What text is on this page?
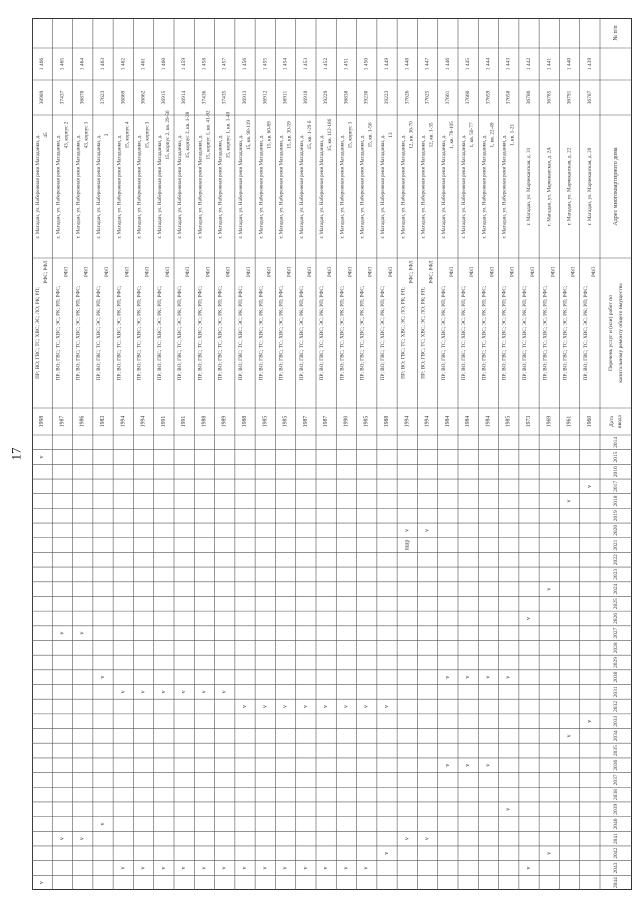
17
№ п/п
Адрес многоквартирного дома
Перечень услуг и (или) работ по капитальному ремонту общего имущества
Дата ввода
2014
2015
2016
2017
2018
2019
2020
2021
2022
2023
2024
2025
2026
2027
2028
2029
2030
2031
2032
2033
2034
2035
2036
2037
2038
2039
2040
2041
2042
2043
2044
1 439
36787
г. Магадан, ул. Марчеканская, д. 20
ПР; ВО; ГВС; ТС; ХВС; ЭС; РК; РП; РФС;
РФЛ
1960
v
v
1 440
36791
г. Магадан, ул. Марчеканская, д. 22
ПР; ВО; ГВС; ТС; ХВС; ЭС; РК; РП; РФС;
РФЛ
1961
v
v
1 441
36785
г. Магадан, ул. Марчеканская, д. 2А
ПР; ВО; ГВС; ТС; ХВС; ЭС; РК; РП; РФС;
РФЛ
1969
v
v
1 442
36786
г. Магадан, ул. Марчеканская, д. 31
ПР; ВО; ГВС; ТС; ХВС; ЭС; РК; РП; РФС;
РФЛ
1973
v
v
1 443
37658
г. Магадан, ул. Набережная реки Магаданки, д. 1, кв. 1-21
ПР; ВО; ГВС; ТС; ХВС; ЭС; РК; РП; РФС;
РФЛ
1985
v
v
1 444
37659
г. Магадан, ул. Набережная реки Магаданки, д. 1, кв. 22-49
ПР; ВО; ГВС; ТС; ХВС; ЭС; РК; РП; РФС;
РФЛ
1984
v
v
1 445
37660
г. Магадан, ул. Набережная реки Магаданки, д. 1, кв. 50-77
ПР; ВО; ГВС; ТС; ХВС; ЭС; РК; РП; РФС;
РФЛ
1984
v
v
1 446
37661
г. Магадан, ул. Набережная реки Магаданки, д. 1, кв. 78-105
ПР; ВО; ГВС; ТС; ХВС; ЭС; РК; РП; РФС;
РФЛ
1984
v
v
1 447
37625
г. Магадан, ул. Набережная реки Магаданки, д. 12, кв. 1-35
ПР; ВО; ГВС; ТС; ХВС; ЭС; ЛО; РК; РП;
РФС; РФЛ
1994
v
v
1 448
37626
г. Магадан, ул. Набережная реки Магаданки, д. 12, кв. 36-70
ПР; ВО; ГВС; ТС; ХВС; ЭС; ЛО; РК; РП;
РФС; РФЛ
1994
v
v
1 449
39223
г. Магадан, ул. Набережная реки Магаданки, д. 13
ПР; ВО; ГВС; ТС; ХВС; ЭС; РК; РП; РФС;
РФЛ
1988
v
v
1 450
39230
г. Магадан, ул. Набережная реки Магаданки, д. 15, кв. 1-56
ПР; ВО; ГВС; ТС; ХВС; ЭС; РК; РП; РФС;
РФЛ
1985
v
v
1 451
36838
г. Магадан, ул. Набережная реки Магаданки, д. 15, корпус 1
ПР; ВО; ГВС; ТС; ХВС; ЭС; РК; РП; РФС;
РФЛ
1990
v
v
1 452
39229
г. Магадан, ул. Набережная реки Магаданки, д. 15, кв. 112-186
ПР; ВО; ГВС; ТС; ХВС; ЭС; РК; РП; РФС;
РФЛ
1987
v
v
1 453
36910
г. Магадан, ул. Набережная реки Магаданки, д. 15, кв. 1-29 б
ПР; ВО; ГВС; ТС; ХВС; ЭС; РК; РП; РФС;
РФЛ
1987
v
v
1 454
36911
г. Магадан, ул. Набережная реки Магаданки, д. 15, кв. 30-59
ПР; ВО; ГВС; ТС; ХВС; ЭС; РК; РП; РФС;
РФЛ
1985
v
v
1 455
36912
г. Магадан, ул. Набережная реки Магаданки, д. 15, кв. 60-89
ПР; ВО; ГВС; ТС; ХВС; ЭС; РК; РП; РФС;
РФЛ
1985
v
v
1 456
36913
г. Магадан, ул. Набережная реки Магаданки, д. 15, кв. 90-119
ПР; ВО; ГВС; ТС; ХВС; ЭС; РК; РП; РФС;
РФЛ
1988
v
v
1 457
37435
г. Магадан, ул. Набережная реки Магаданки, д. 15, корпус 1, кв. 1-40
ПР; ВО; ГВС; ТС; ХВС; ЭС; РК; РП; РФС;
РФЛ
1989
v
v
1 458
37436
г. Магадан, ул. Набережная реки Магаданки, д. 15, корпус 1, кв. 41-92
ПР; ВО; ГВС; ТС; ХВС; ЭС; РК; РП; РФС;
РФЛ
1988
v
v
1 459
36914
г. Магадан, ул. Набережная реки Магаданки, д. 15, корпус 2, кв. 1-28
ПР; ВО; ГВС; ТС; ХВС; ЭС; РК; РП; РФС;
РФЛ
1991
v
v
1 460
36915
г. Магадан, ул. Набережная реки Магаданки, д. 15, корпус 2, кв. 29-56
ПР; ВО; ГВС; ТС; ХВС; ЭС; РК; РП; РФС;
РФЛ
1991
v
v
1 461
36862
г. Магадан, ул. Набережная реки Магаданки, д. 15, корпус 3
ПР; ВО; ГВС; ТС; ХВС; ЭС; РК; РП; РФС;
РФЛ
1994
v
v
1 462
36869
г. Магадан, ул. Набережная реки Магаданки, д. 15, корпус 4
ПР; ВО; ГВС; ТС; ХВС; ЭС; РК; РП; РФС;
РФЛ
1994
v
v
1 463
37623
г. Магадан, ул. Набережная реки Магаданки, д. 3
ПР; ВО; ГВС; ТС; ХВС; ЭС; РК; РП; РФС;
РФЛ
1983
v
v
1 464
36870
г. Магадан, ул. Набережная реки Магаданки, д. 43, корпус 1
ПР; ВО; ГВС; ТС; ХВС; ЭС; РК; РП; РФС;
РФЛ
1986
v
v
1 465
37437
г. Магадан, ул. Набережная реки Магаданки, д. 43, корпус 2
ПР; ВО; ГВС; ТС; ХВС; ЭС; РК; РП; РФС;
РФЛ
1987
v
v
1 466
38989
г. Магадан, ул. Набережная реки Магаданки, д. 45
ПР; ВО; ГВС; ТС; ХВС; ЭС; ЛО; РК; РП;
РФС; РФЛ
1998
v
v
пшр
